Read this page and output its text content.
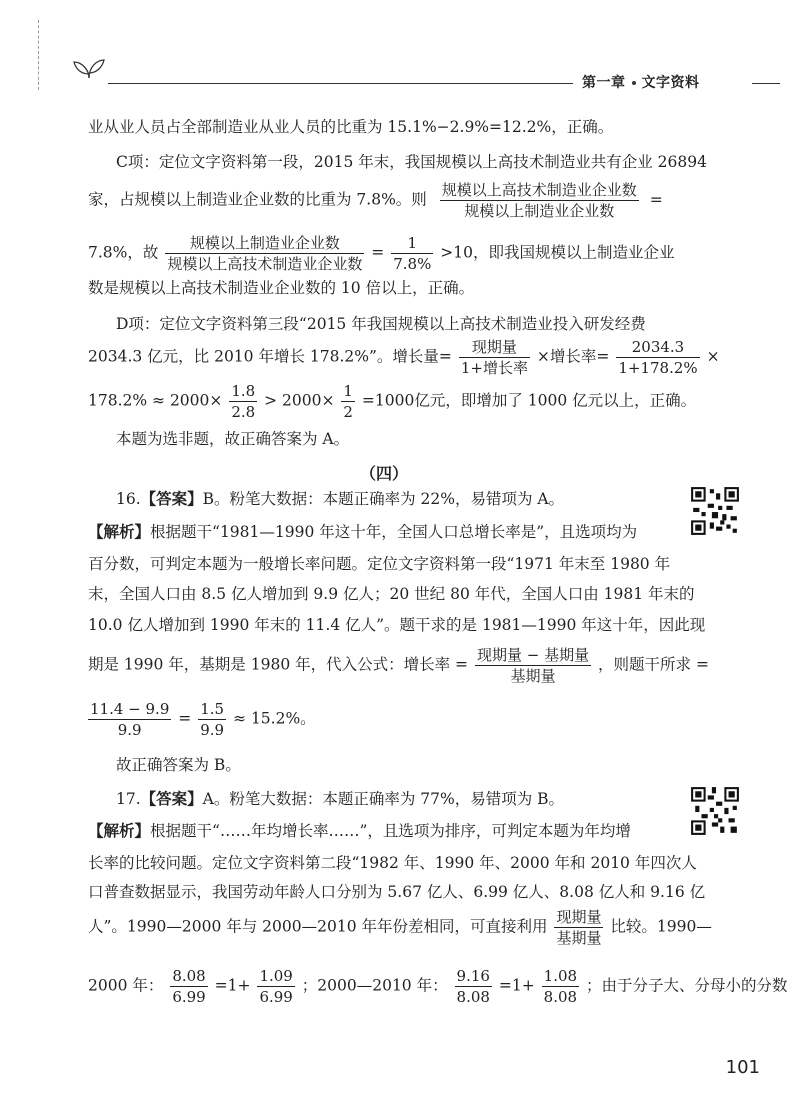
第一章 文字资料
业从业人员占全部制造业从业人员的比重为 15.1%−2.9%=12.2%，正确。
C项：定位文字资料第一段，2015 年末，我国规模以上高技术制造业共有企业 26894
家，占规模以上制造业企业数的比重为 7.8%。则 $\frac{\text{规模以上高技术制造业企业数}}{\text{规模以上制造业企业数}}$ =
7.8%，故 $\frac{\text{规模以上制造业企业数}}{\text{规模以上高技术制造业企业数}} = \frac{1}{7.8\%} >10$，即我国规模以上制造业企业
数是规模以上高技术制造业企业数的 10 倍以上，正确。
D项：定位文字资料第三段“2015 年我国规模以上高技术制造业投入研发经费
2034.3 亿元，比 2010 年增长 178.2%”。增长量= $\frac{\text{现期量}}{\text{1+增长率}}$ ×增长率= $\frac{2034.3}{1+178.2\%}$ ×
$178.2\% \approx 2000\times \frac{1.8}{2.8} > 2000\times \frac{1}{2} =1000$亿元，即增加了 1000 亿元以上，正确。
本题为选非题，故正确答案为 A。
（四）
16.【答案】B。粉笔大数据：本题正确率为 22%，易错项为 A。
【解析】根据题干“1981—1990 年这十年，全国人口总增长率是”，且选项均为
百分数，可判定本题为一般增长率问题。定位文字资料第一段“1971 年末至 1980 年
末，全国人口由 8.5 亿人增加到 9.9 亿人；20 世纪 80 年代，全国人口由 1981 年末的
10.0 亿人增加到 1990 年末的 11.4 亿人”。题干求的是 1981—1990 年这十年，因此现
期是 1990 年，基期是 1980 年，代入公式：增长率 = $\frac{\text{现期量 − 基期量}}{\text{基期量}}$ ，则题干所求 =
$\frac{11.4 - 9.9}{9.9} = \frac{1.5}{9.9} \approx 15.2\%$。
故正确答案为 B。
17.【答案】A。粉笔大数据：本题正确率为 77%，易错项为 B。
【解析】根据题干“……年均增长率……”，且选项为排序，可判定本题为年均增
长率的比较问题。定位文字资料第二段“1982 年、1990 年、2000 年和 2010 年四次人
口普查数据显示，我国劳动年龄人口分别为 5.67 亿人、6.99 亿人、8.08 亿人和 9.16 亿
人”。1990—2000 年与 2000—2010 年年份差相同，可直接利用 $\frac{\text{现期量}}{\text{基期量}}$ 比较。1990—
2000 年： $\frac{8.08}{6.99} =1+ \frac{1.09}{6.99}$ ；2000—2010 年： $\frac{9.16}{8.08} =1+ \frac{1.08}{8.08}$ ；由于分子大、分母小的分数
101
